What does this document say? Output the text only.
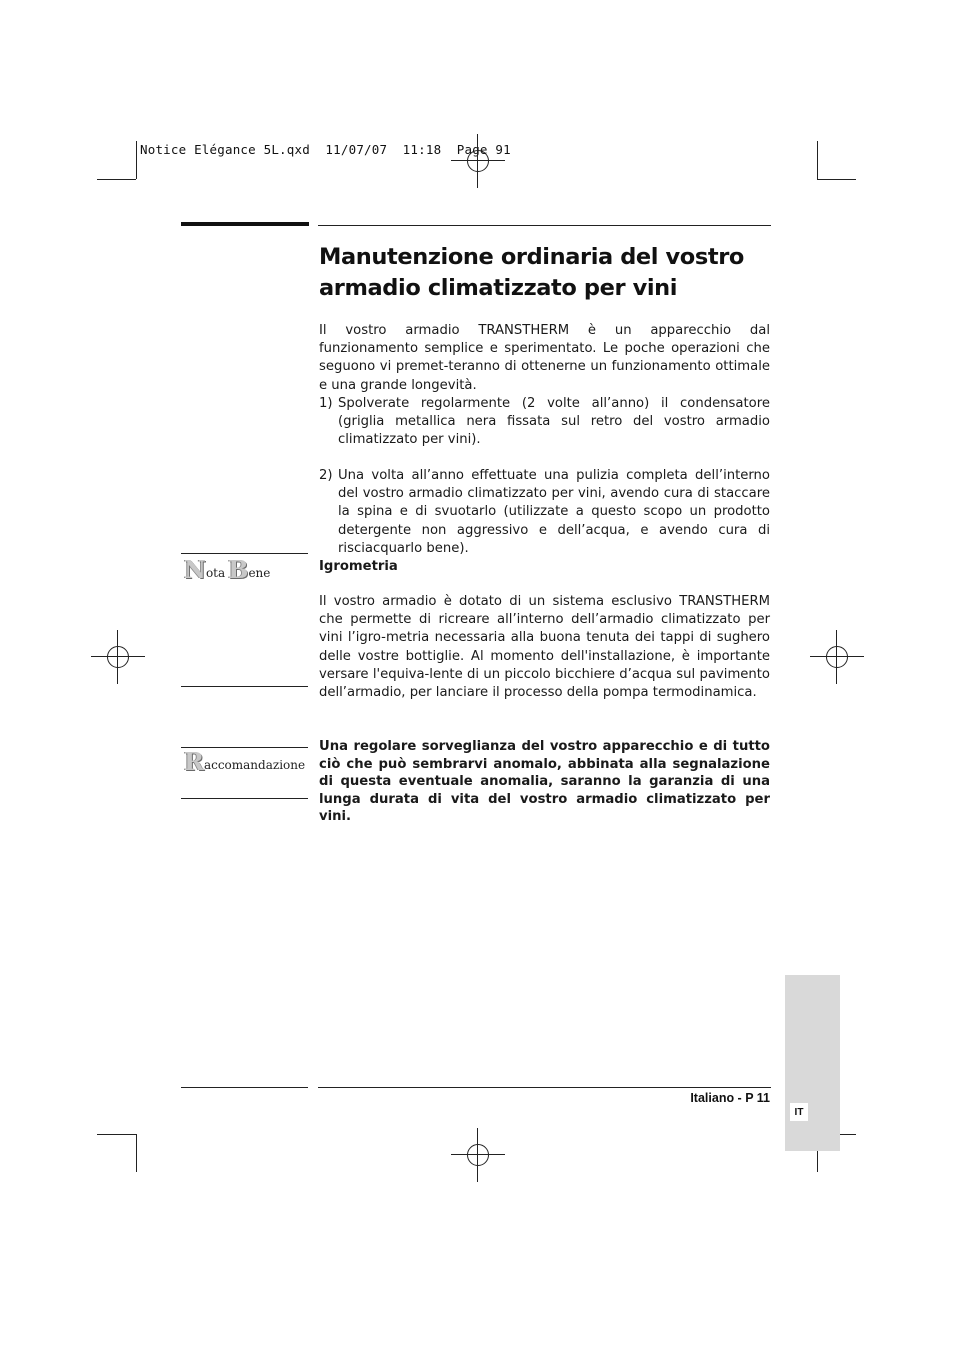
Notice Elégance 5L.qxd  11/07/07  11:18  Page 91
Manutenzione ordinaria del vostro armadio climatizzato per vini

Il vostro armadio TRANSTHERM è un apparecchio dal funzionamento semplice e sperimentato. Le poche operazioni che seguono vi premet-teranno di ottenerne un funzionamento ottimale e una grande longevità.

1) Spolverate regolarmente (2 volte all’anno) il condensatore (griglia metallica nera fissata sul retro del vostro armadio climatizzato per vini).
2) Una volta all’anno effettuate una pulizia completa dell’interno del vostro armadio climatizzato per vini, avendo cura di staccare la spina e di svuotarlo (utilizzate a questo scopo un prodotto detergente non aggressivo e dell’acqua, e avendo cura di risciacquarlo bene).
N ota B ene	Igrometria

Il vostro armadio è dotato di un sistema esclusivo TRANSTHERM che permette di ricreare all’interno dell’armadio climatizzato per vini l’igro-metria necessaria alla buona tenuta dei tappi di sughero delle vostre bottiglie. Al momento dell'installazione, è importante versare l'equiva-lente di un piccolo bicchiere d’acqua sul pavimento dell’armadio, per lanciare il processo della pompa termodinamica.

R accomandazione

Una regolare sorveglianza del vostro apparecchio e di tutto ciò che può sembrarvi anomalo, abbinata alla segnalazione di questa eventuale anomalia, saranno la garanzia di una lunga durata di vita del vostro armadio climatizzato per vini.

Italiano - P 11
IT
